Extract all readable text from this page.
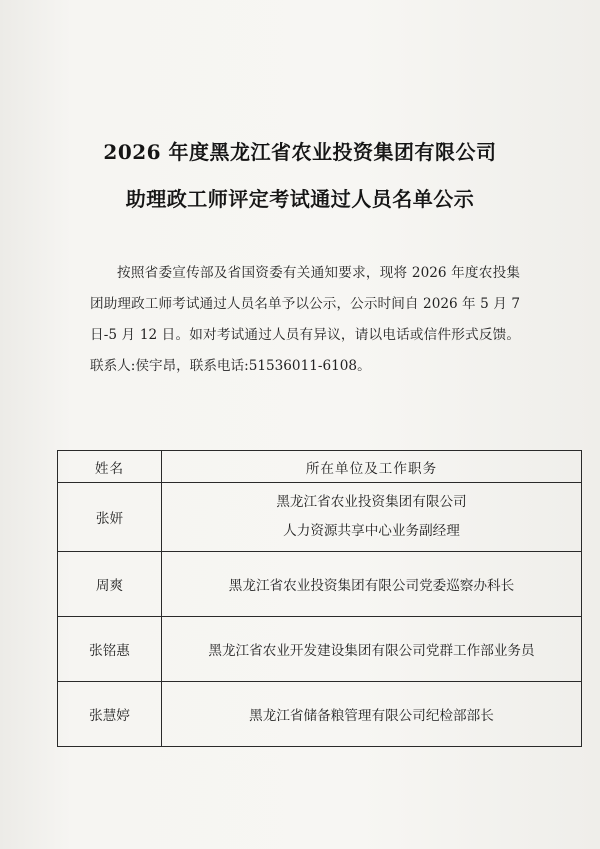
2026 年度黑龙江省农业投资集团有限公司
助理政工师评定考试通过人员名单公示

按照省委宣传部及省国资委有关通知要求，现将 2026 年度农投集团助理政工师考试通过人员名单予以公示，公示时间自 2026 年 5 月 7 日-5 月 12 日。如对考试通过人员有异议，请以电话或信件形式反馈。联系人:侯宇昂，联系电话:51536011-6108。

姓名	所在单位及工作职务
张妍	黑龙江省农业投资集团有限公司
人力资源共享中心业务副经理

周爽	黑龙江省农业投资集团有限公司党委巡察办科长
张铭惠	黑龙江省农业开发建设集团有限公司党群工作部业务员
张慧婷	黑龙江省储备粮管理有限公司纪检部部长
